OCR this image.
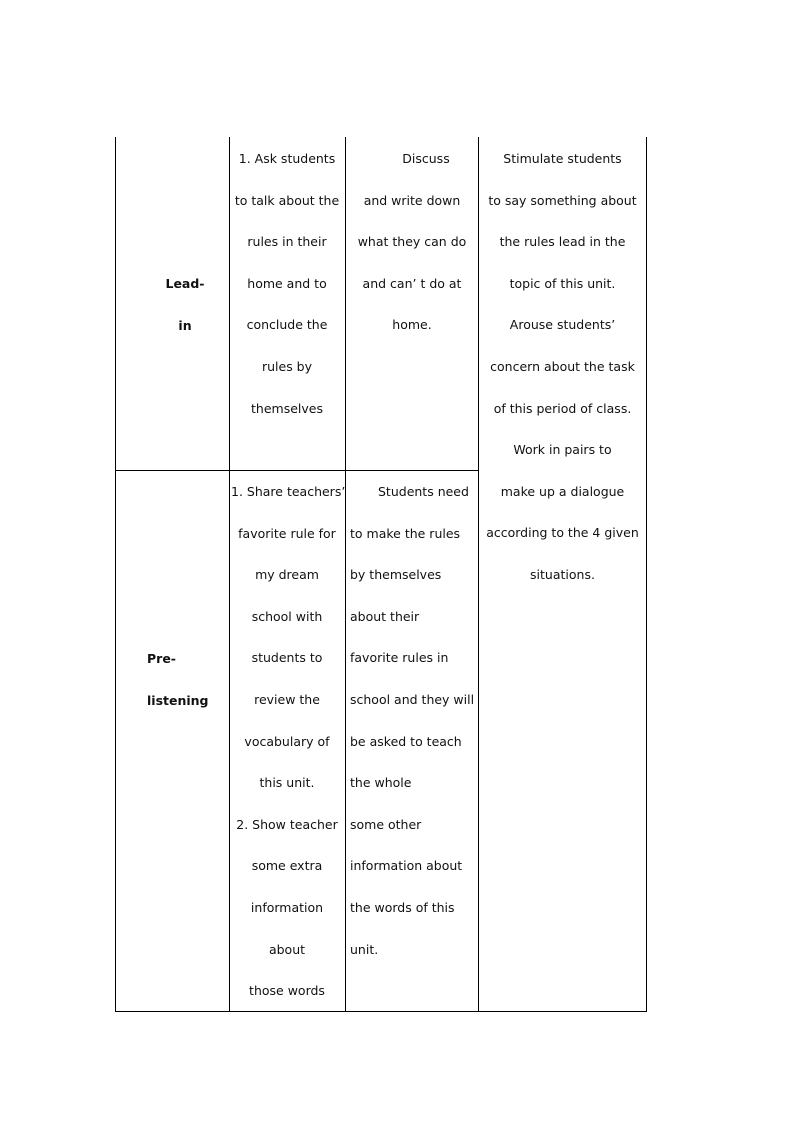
Lead-
in
1. Ask students
to talk about the
rules in their
home and to
conclude the
rules by
themselves
Discuss
and write down
what they can do
and can’ t do at
home.
Stimulate students
to say something about
the rules lead in the
topic of this unit.
Arouse students’
concern about the task
of this period of class.
Work in pairs to
make up a dialogue
according to the 4 given
situations.
Pre-
listening
1. Share teachers’
favorite rule for
my dream
school with
students to
review the
vocabulary of
this unit.
2. Show teacher
some extra
information
about
those words
Students need
to make the rules
by themselves
about their
favorite rules in
school and they will
be asked to teach
the whole
some other
information about
the words of this
unit.
